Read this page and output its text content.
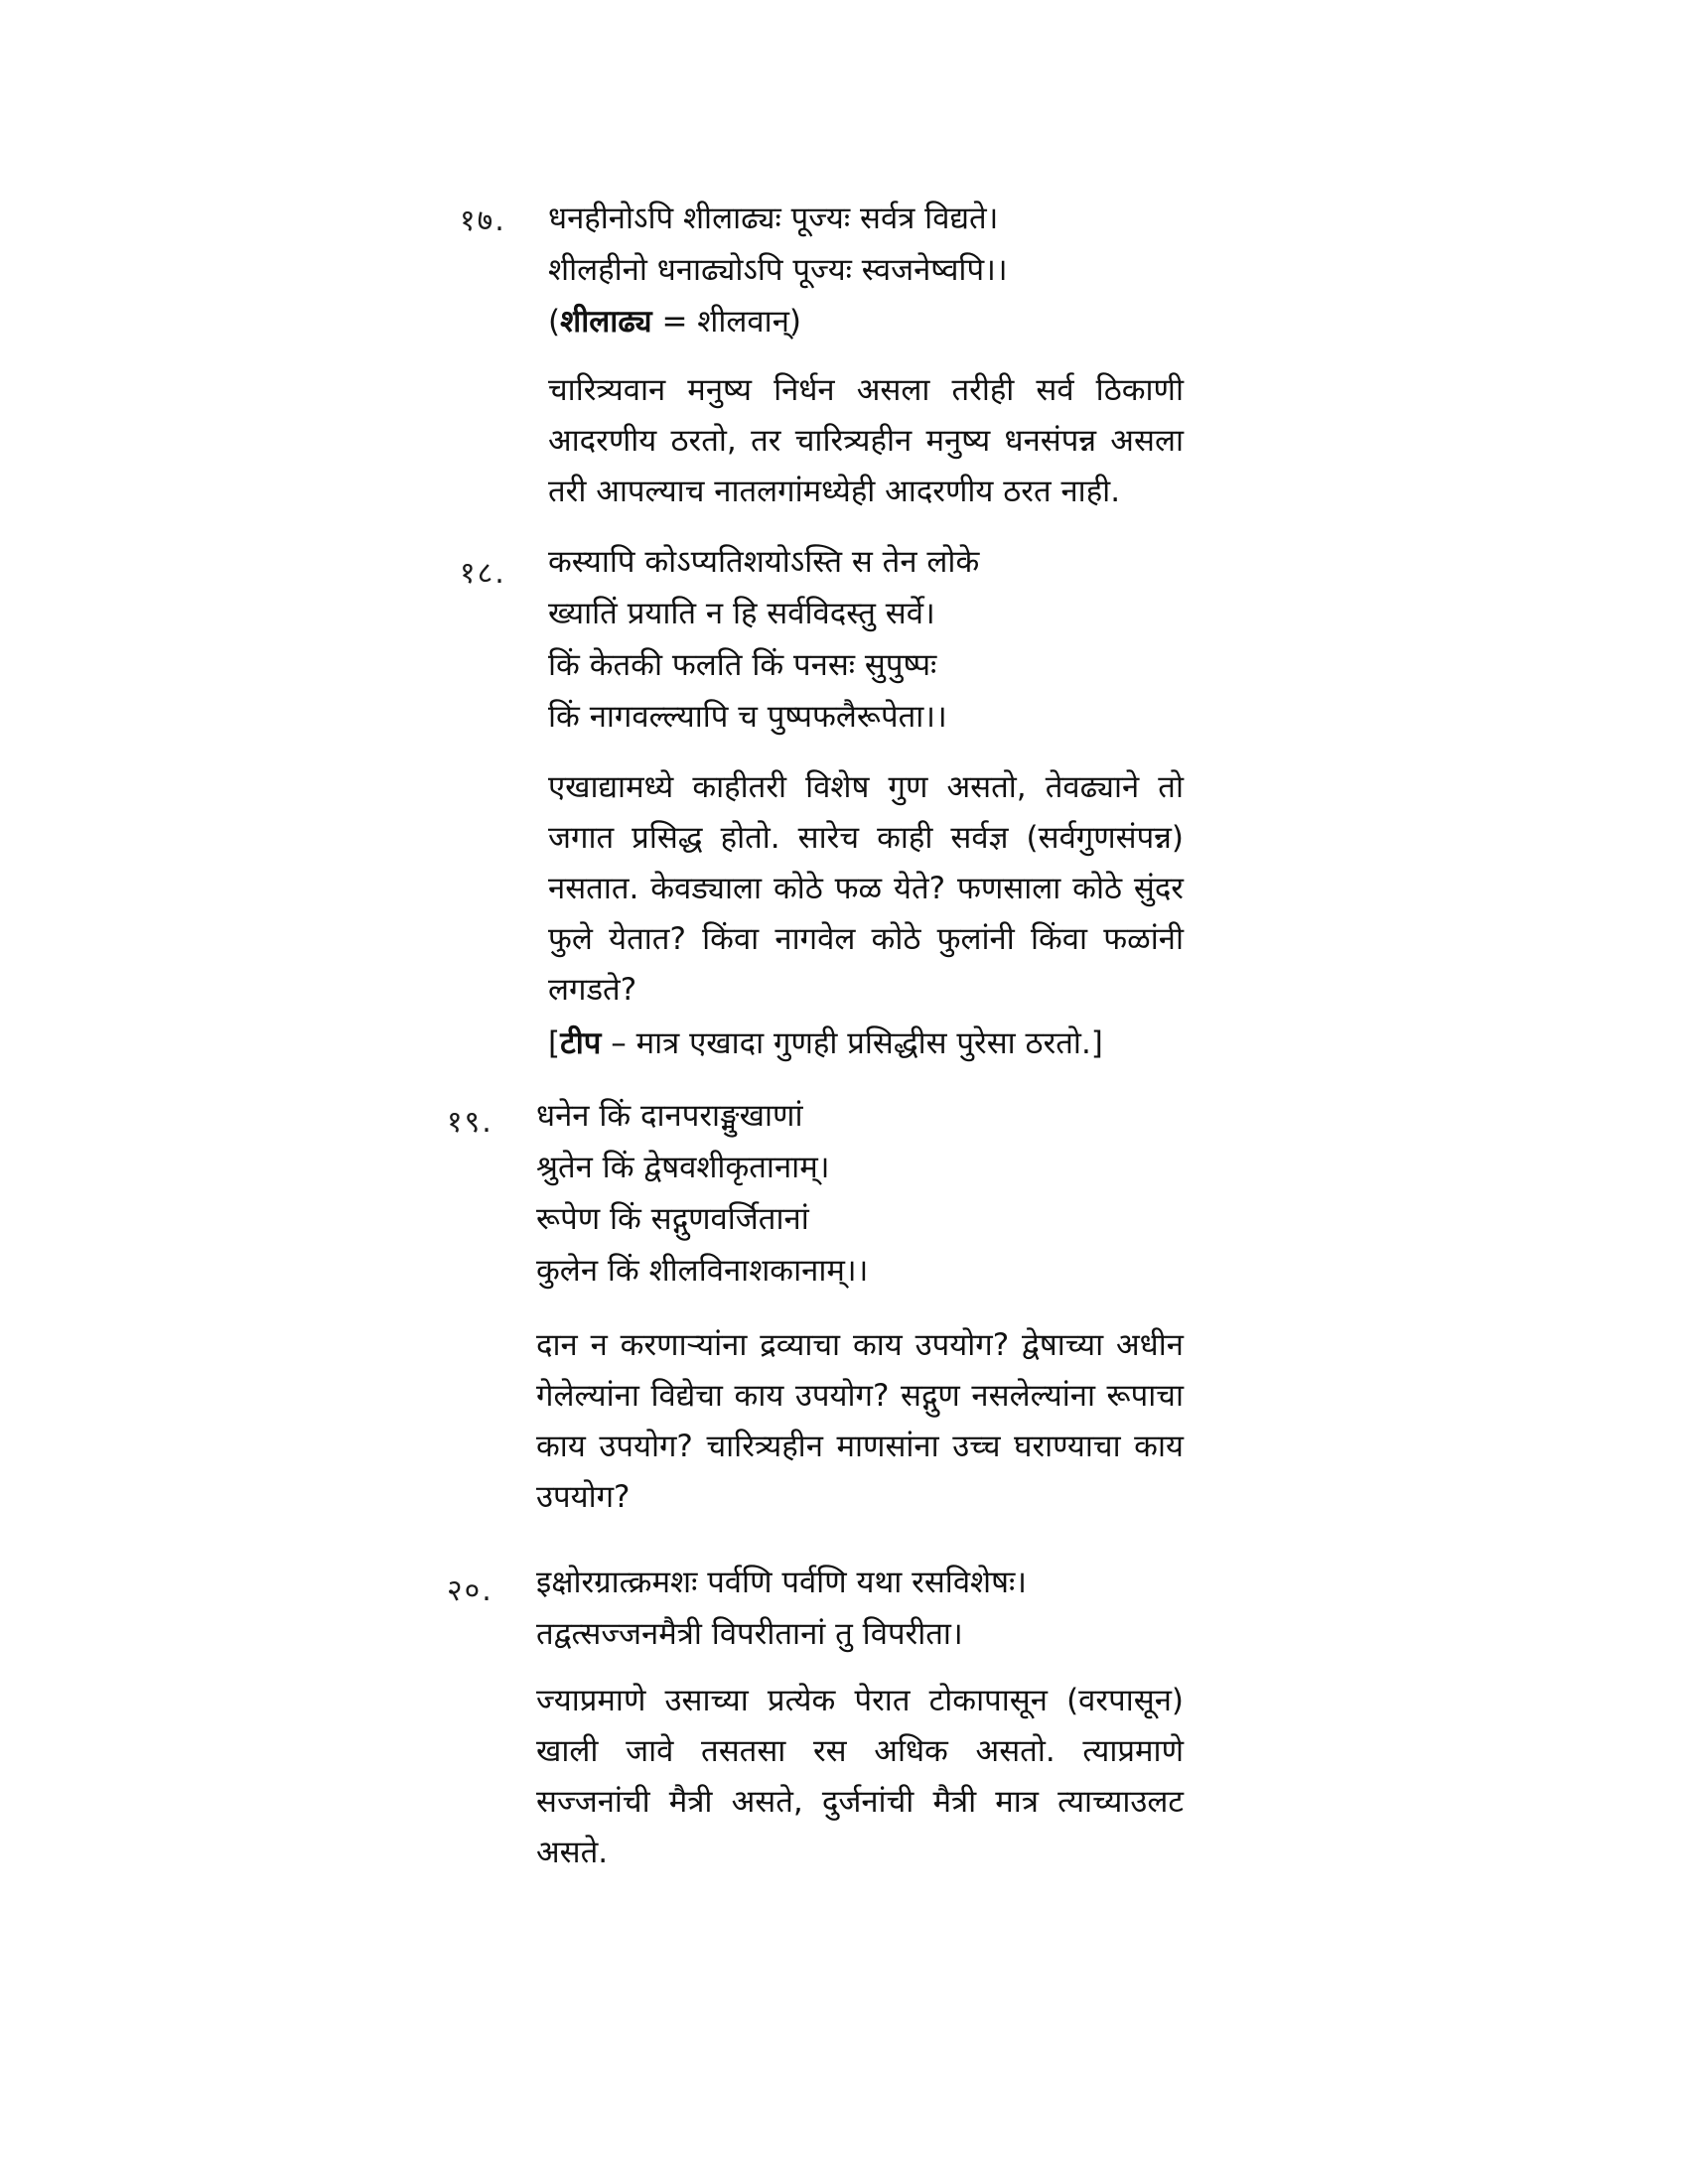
१७. धनहीनोऽपि शीलाढ्यः पूज्यः सर्वत्र विद्यते।
शीलहीनो धनाढ्योऽपि पूज्यः स्वजनेष्वपि।।
(शीलाढ्य = शीलवान्)
चारित्र्यवान मनुष्य निर्धन असला तरीही सर्व ठिकाणी आदरणीय ठरतो, तर चारित्र्यहीन मनुष्य धनसंपन्न असला तरी आपल्याच नातलगांमध्येही आदरणीय ठरत नाही.
१८. कस्यापि कोऽप्यतिशयोऽस्ति स तेन लोके
ख्यातिं प्रयाति न हि सर्वविदस्तु सर्वे।
किं केतकी फलति किं पनसः सुपुष्पः
किं नागवल्ल्यापि च पुष्पफलैरूपेता।।
एखाद्यामध्ये काहीतरी विशेष गुण असतो, तेवढ्याने तो जगात प्रसिद्ध होतो. सारेच काही सर्वज्ञ (सर्वगुणसंपन्न) नसतात. केवड्याला कोठे फळ येते? फणसाला कोठे सुंदर फुले येतात? किंवा नागवेल कोठे फुलांनी किंवा फळांनी लगडते?
[टीप – मात्र एखादा गुणही प्रसिद्धीस पुरेसा ठरतो.]
१९. धनेन किं दानपराङ्मुखाणां
श्रुतेन किं द्वेषवशीकृतानाम्।
रूपेण किं सद्गुणवर्जितानां
कुलेन किं शीलविनाशकानाम्।।
दान न करणाऱ्यांना द्रव्याचा काय उपयोग? द्वेषाच्या अधीन गेलेल्यांना विद्येचा काय उपयोग? सद्गुण नसलेल्यांना रूपाचा काय उपयोग? चारित्र्यहीन माणसांना उच्च घराण्याचा काय उपयोग?
२०. इक्षोरग्रात्क्रमशः पर्वणि पर्वणि यथा रसविशेषः।
तद्वत्सज्जनमैत्री विपरीतानां तु विपरीता।
ज्याप्रमाणे उसाच्या प्रत्येक पेरात टोकापासून (वरपासून) खाली जावे तसतसा रस अधिक असतो. त्याप्रमाणे सज्जनांची मैत्री असते, दुर्जनांची मैत्री मात्र त्याच्याउलट असते.
